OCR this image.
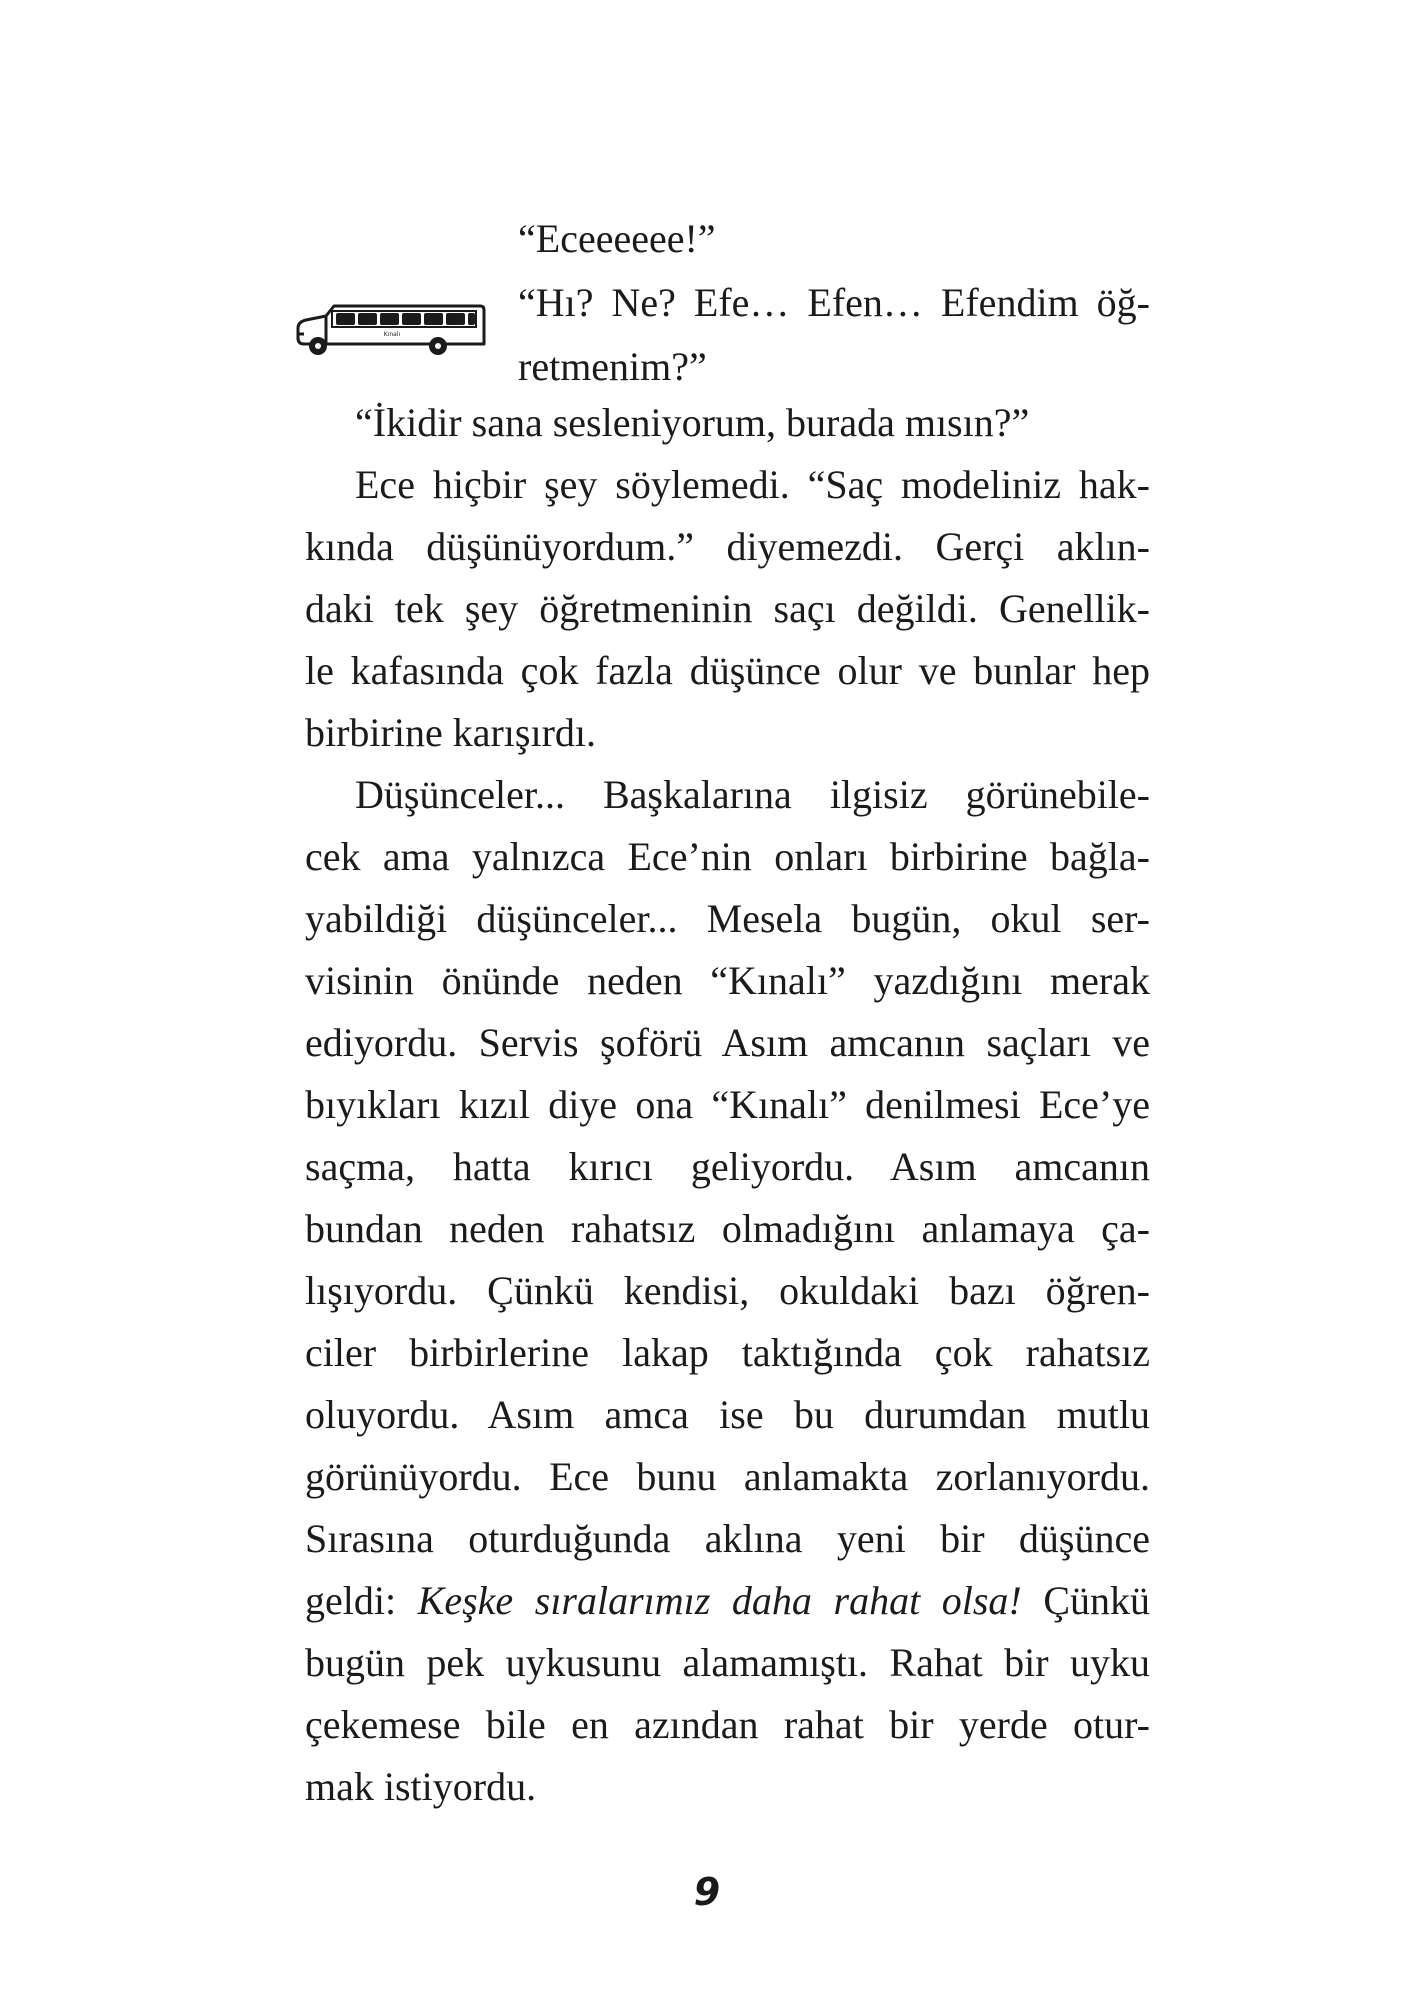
Kınalı
“Eceeeeee!”
“Hı? Ne? Efe… Efen… Efendim öğ-
retmenim?”
“İkidir sana sesleniyorum, burada mısın?”
Ece hiçbir şey söylemedi. “Saç modeliniz hak-
kında düşünüyordum.” diyemezdi. Gerçi aklın-
daki tek şey öğretmeninin saçı değildi. Genellik-
le kafasında çok fazla düşünce olur ve bunlar hep
birbirine karışırdı.
Düşünceler... Başkalarına ilgisiz görünebile-
cek ama yalnızca Ece’nin onları birbirine bağla-
yabildiği düşünceler... Mesela bugün, okul ser-
visinin önünde neden “Kınalı” yazdığını merak
ediyordu. Servis şoförü Asım amcanın saçları ve
bıyıkları kızıl diye ona “Kınalı” denilmesi Ece’ye
saçma, hatta kırıcı geliyordu. Asım amcanın
bundan neden rahatsız olmadığını anlamaya ça-
lışıyordu. Çünkü kendisi, okuldaki bazı öğren-
ciler birbirlerine lakap taktığında çok rahatsız
oluyordu. Asım amca ise bu durumdan mutlu
görünüyordu. Ece bunu anlamakta zorlanıyordu.
Sırasına oturduğunda aklına yeni bir düşünce
geldi: Keşke sıralarımız daha rahat olsa! Çünkü
bugün pek uykusunu alamamıştı. Rahat bir uyku
çekemese bile en azından rahat bir yerde otur-
mak istiyordu.
9
